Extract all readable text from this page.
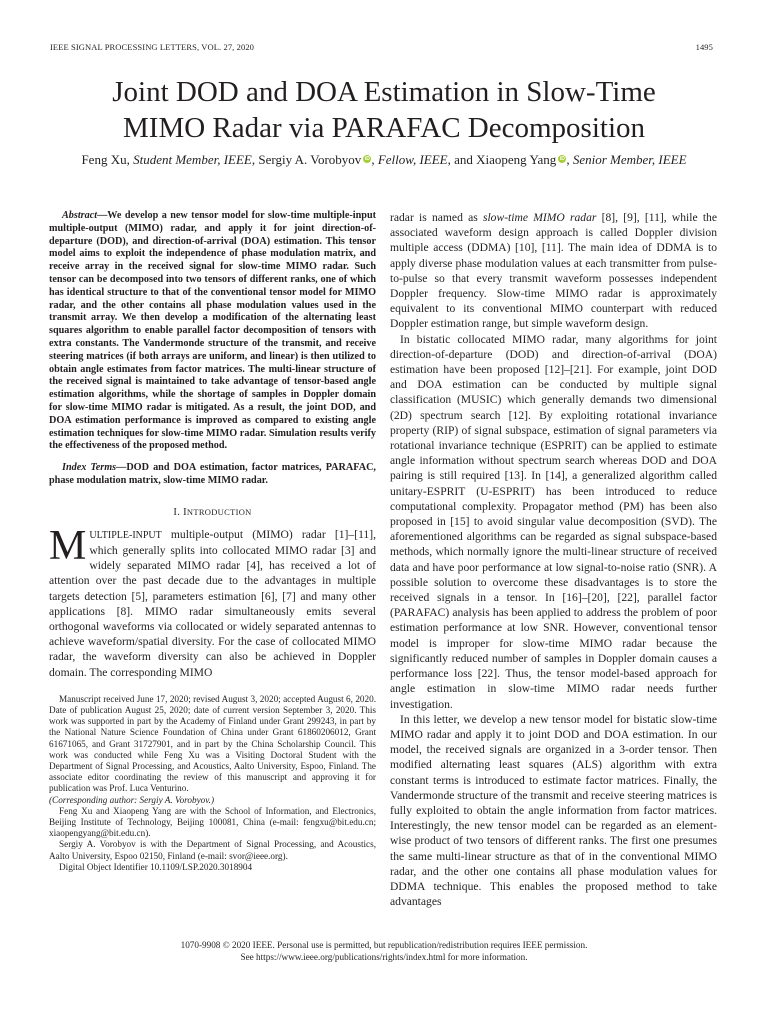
IEEE SIGNAL PROCESSING LETTERS, VOL. 27, 2020	1495
Joint DOD and DOA Estimation in Slow-Time
MIMO Radar via PARAFAC Decomposition
Feng Xu, Student Member, IEEE, Sergiy A. Vorobyov iD , Fellow, IEEE, and Xiaopeng Yang iD , Senior Member, IEEE

Abstract—We develop a new tensor model for slow-time multiple-input multiple-output (MIMO) radar, and apply it for joint direction-of-departure (DOD), and direction-of-arrival (DOA) estimation. This tensor model aims to exploit the independence of phase modulation matrix, and receive array in the received signal for slow-time MIMO radar. Such tensor can be decomposed into two tensors of different ranks, one of which has identical structure to that of the conventional tensor model for MIMO radar, and the other contains all phase modulation values used in the transmit array. We then develop a modification of the alternating least squares algorithm to enable parallel factor decomposition of tensors with extra constants. The Vandermonde structure of the transmit, and receive steering matrices (if both arrays are uniform, and linear) is then utilized to obtain angle estimates from factor matrices. The multi-linear structure of the received signal is maintained to take advantage of tensor-based angle estimation algorithms, while the shortage of samples in Doppler domain for slow-time MIMO radar is mitigated. As a result, the joint DOD, and DOA estimation performance is improved as compared to existing angle estimation techniques for slow-time MIMO radar. Simulation results verify the effectiveness of the proposed method.

Index Terms—DOD and DOA estimation, factor matrices, PARAFAC, phase modulation matrix, slow-time MIMO radar.

I. INTRODUCTION

MULTIPLE-INPUT multiple-output (MIMO) radar [1]–[11], which generally splits into collocated MIMO radar [3] and widely separated MIMO radar [4], has received a lot of attention over the past decade due to the advantages in multiple targets detection [5], parameters estimation [6], [7] and many other applications [8]. MIMO radar simultaneously emits several orthogonal waveforms via collocated or widely separated antennas to achieve waveform/spatial diversity. For the case of collocated MIMO radar, the waveform diversity can also be achieved in Doppler domain. The corresponding MIMO

Manuscript received June 17, 2020; revised August 3, 2020; accepted August 6, 2020. Date of publication August 25, 2020; date of current version September 3, 2020. This work was supported in part by the Academy of Finland under Grant 299243, in part by the National Nature Science Foundation of China under Grant 61860206012, Grant 61671065, and Grant 31727901, and in part by the China Scholarship Council. This work was conducted while Feng Xu was a Visiting Doctoral Student with the Department of Signal Processing, and Acoustics, Aalto University, Espoo, Finland. The associate editor coordinating the review of this manuscript and approving it for publication was Prof. Luca Venturino.

(Corresponding author: Sergiy A. Vorobyov.)

Feng Xu and Xiaopeng Yang are with the School of Information, and Electronics, Beijing Institute of Technology, Beijing 100081, China (e-mail: fengxu@bit.edu.cn; xiaopengyang@bit.edu.cn).

Sergiy A. Vorobyov is with the Department of Signal Processing, and Acoustics, Aalto University, Espoo 02150, Finland (e-mail: svor@ieee.org).

Digital Object Identifier 10.1109/LSP.2020.3018904

radar is named as slow-time MIMO radar [8], [9], [11], while the associated waveform design approach is called Doppler division multiple access (DDMA) [10], [11]. The main idea of DDMA is to apply diverse phase modulation values at each transmitter from pulse-to-pulse so that every transmit waveform possesses independent Doppler frequency. Slow-time MIMO radar is approximately equivalent to its conventional MIMO counterpart with reduced Doppler estimation range, but simple waveform design.

In bistatic collocated MIMO radar, many algorithms for joint direction-of-departure (DOD) and direction-of-arrival (DOA) estimation have been proposed [12]–[21]. For example, joint DOD and DOA estimation can be conducted by multiple signal classification (MUSIC) which generally demands two dimensional (2D) spectrum search [12]. By exploiting rotational invariance property (RIP) of signal subspace, estimation of signal parameters via rotational invariance technique (ESPRIT) can be applied to estimate angle information without spectrum search whereas DOD and DOA pairing is still required [13]. In [14], a generalized algorithm called unitary-ESPRIT (U-ESPRIT) has been introduced to reduce computational complexity. Propagator method (PM) has been also proposed in [15] to avoid singular value decomposition (SVD). The aforementioned algorithms can be regarded as signal subspace-based methods, which normally ignore the multi-linear structure of received data and have poor performance at low signal-to-noise ratio (SNR). A possible solution to overcome these disadvantages is to store the received signals in a tensor. In [16]–[20], [22], parallel factor (PARAFAC) analysis has been applied to address the problem of poor estimation performance at low SNR. However, conventional tensor model is improper for slow-time MIMO radar because the significantly reduced number of samples in Doppler domain causes a performance loss [22]. Thus, the tensor model-based approach for angle estimation in slow-time MIMO radar needs further investigation.

In this letter, we develop a new tensor model for bistatic slow-time MIMO radar and apply it to joint DOD and DOA estimation. In our model, the received signals are organized in a 3-order tensor. Then modified alternating least squares (ALS) algorithm with extra constant terms is introduced to estimate factor matrices. Finally, the Vandermonde structure of the transmit and receive steering matrices is fully exploited to obtain the angle information from factor matrices. Interestingly, the new tensor model can be regarded as an element-wise product of two tensors of different ranks. The first one presumes the same multi-linear structure as that of in the conventional MIMO radar, and the other one contains all phase modulation values for DDMA technique. This enables the proposed method to take advantages

1070-9908 © 2020 IEEE. Personal use is permitted, but republication/redistribution requires IEEE permission.
See https://www.ieee.org/publications/rights/index.html for more information.
